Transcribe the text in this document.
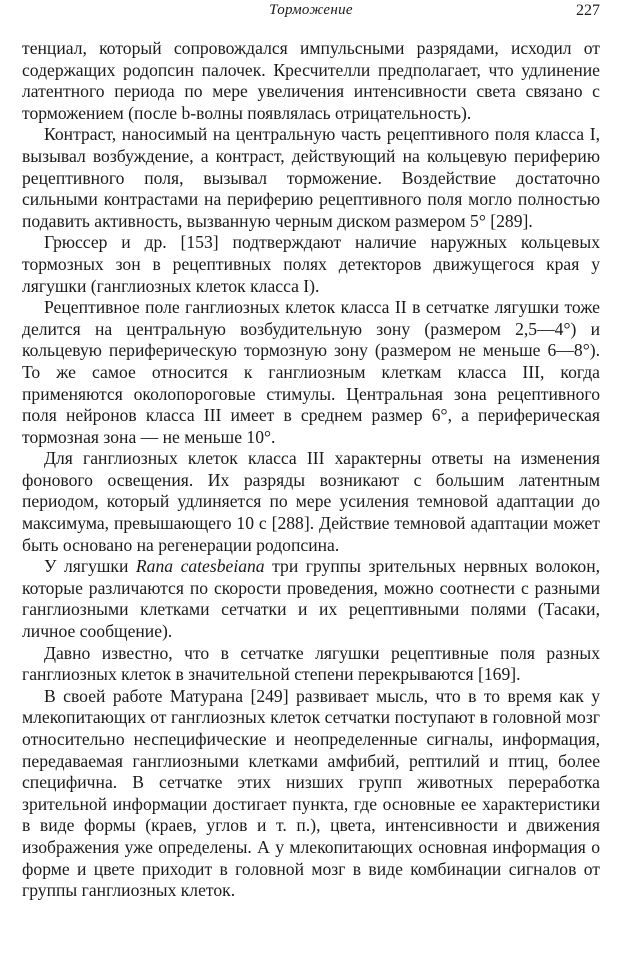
Торможение	227

тенциал, который сопровождался импульсными разрядами, исходил от содержащих родопсин палочек. Кресчителли предполагает, что удлинение латентного периода по мере увеличения интенсивности света связано с торможением (после b-волны появлялась отрицательность).

Контраст, наносимый на центральную часть рецептивного поля класса I, вызывал возбуждение, а контраст, действующий на кольцевую периферию рецептивного поля, вызывал торможение. Воздействие достаточно сильными контрастами на периферию рецептивного поля могло полностью подавить активность, вызванную черным диском размером 5° [289].

Грюссер и др. [153] подтверждают наличие наружных кольцевых тормозных зон в рецептивных полях детекторов движущегося края у лягушки (ганглиозных клеток класса I).

Рецептивное поле ганглиозных клеток класса II в сетчатке лягушки тоже делится на центральную возбудительную зону (размером 2,5—4°) и кольцевую периферическую тормозную зону (размером не меньше 6—8°). То же самое относится к ганглиозным клеткам класса III, когда применяются околопороговые стимулы. Центральная зона рецептивного поля нейронов класса III имеет в среднем размер 6°, а периферическая тормозная зона — не меньше 10°.

Для ганглиозных клеток класса III характерны ответы на изменения фонового освещения. Их разряды возникают с большим латентным периодом, который удлиняется по мере усиления темновой адаптации до максимума, превышающего 10 с [288]. Действие темновой адаптации может быть основано на регенерации родопсина.

У лягушки Rana catesbeiana три группы зрительных нервных волокон, которые различаются по скорости проведения, можно соотнести с разными ганглиозными клетками сетчатки и их рецептивными полями (Тасаки, личное сообщение).

Давно известно, что в сетчатке лягушки рецептивные поля разных ганглиозных клеток в значительной степени перекрываются [169].

В своей работе Матурана [249] развивает мысль, что в то время как у млекопитающих от ганглиозных клеток сетчатки поступают в головной мозг относительно неспецифические и неопределенные сигналы, информация, передаваемая ганглиозными клетками амфибий, рептилий и птиц, более специфична. В сетчатке этих низших групп животных переработка зрительной информации достигает пункта, где основные ее характеристики в виде формы (краев, углов и т. п.), цвета, интенсивности и движения изображения уже определены. А у млекопитающих основная информация о форме и цвете приходит в головной мозг в виде комбинации сигналов от группы ганглиозных клеток.
